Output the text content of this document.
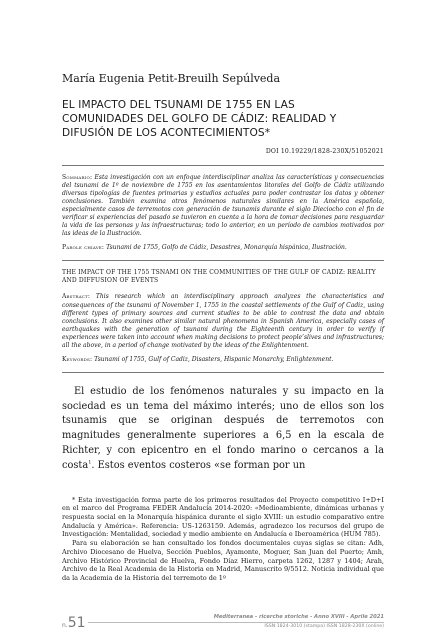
María Eugenia Petit-Breuilh Sepúlveda

EL IMPACTO DEL TSUNAMI DE 1755 EN LAS
COMUNIDADES DEL GOLFO DE CÁDIZ: REALIDAD Y
DIFUSIÓN DE LOS ACONTECIMIENTOS*

DOI 10.19229/1828-230X/51052021

Sommario: Esta investigación con un enfoque interdisciplinar analiza las características y consecuencias del tsunami de 1º de noviembre de 1755 en los asentamientos litorales del Golfo de Cádiz utilizando diversas tipologías de fuentes primarias y estudios actuales para poder contrastar los datos y obtener conclusiones. También examina otros fenómenos naturales similares en la América española, especialmente casos de terremotos con generación de tsunamis durante el siglo Dieciocho con el fin de verificar si experiencias del pasado se tuvieron en cuenta a la hora de tomar decisiones para resguardar la vida de las personas y las infraestructuras; todo lo anterior, en un período de cambios motivados por las ideas de la Ilustración.

Parole chiave: Tsunami de 1755, Golfo de Cádiz, Desastres, Monarquía hispánica, Ilustración.

THE IMPACT OF THE 1755 TSNAMI ON THE COMMUNITIES OF THE GULF OF CADIZ: REALITY AND DIFFUSION OF EVENTS

Abstract: This research which an interdisciplinary approach analyzes the characteristics and consequences of the tsunami of November 1, 1755 in the coastal settlements of the Gulf of Cadiz, using different types of primary sources and current studies to be able to contrast the data and obtain conclusions. It also examines other similar natural phenomena in Spanish America, especially cases of earthquakes with the generation of tsunami during the Eighteenth century in order to verify if experiences were taken into account when making decisions to protect people’slives and infrastructures; all the above, in a period of change motivated by the ideas of the Enlightenment.

Keywords: Tsunami of 1755, Gulf of Cadiz, Disasters, Hispanic Monarchy, Enlightenment.

El estudio de los fenómenos naturales y su impacto en la sociedad es un tema del máximo interés; uno de ellos son los tsunamis que se originan después de terremotos con magnitudes generalmente superiores a 6,5 en la escala de Richter, y con epicentro en el fondo marino o cercanos a la costa$^1$. Estos eventos costeros «se forman por un

* Esta investigación forma parte de los primeros resultados del Proyecto competitivo I+D+I en el marco del Programa FEDER Andalucía 2014-2020: «Medioambiente, dinámicas urbanas y respuesta social en la Monarquía hispánica durante el siglo XVIII: un estudio comparativo entre Andalucía y América». Referencia: US-1263159. Además, agradezco los recursos del grupo de Investigación: Mentalidad, sociedad y medio ambiente en Andalucía e Iberoamérica (HUM 785).

Para su elaboración se han consultado los fondos documentales cuyas siglas se citan: Adh, Archivo Diocesano de Huelva, Sección Pueblos, Ayamonte, Moguer, San Juan del Puerto; Amh, Archivo Histórico Provincial de Huelva, Fondo Díaz Hierro, carpeta 1262, 1287 y 1404; Arah, Archivo de la Real Academia de la Historia en Madrid, Manuscrito 9/5512. Noticia individual que da la Academia de la Historia del terremoto de 1º

n.51	Mediterranea - ricerche storiche - Anno XVIII - Aprile 2021
ISSN 1824-3010 (stampa) ISSN 1828-230X (online)
